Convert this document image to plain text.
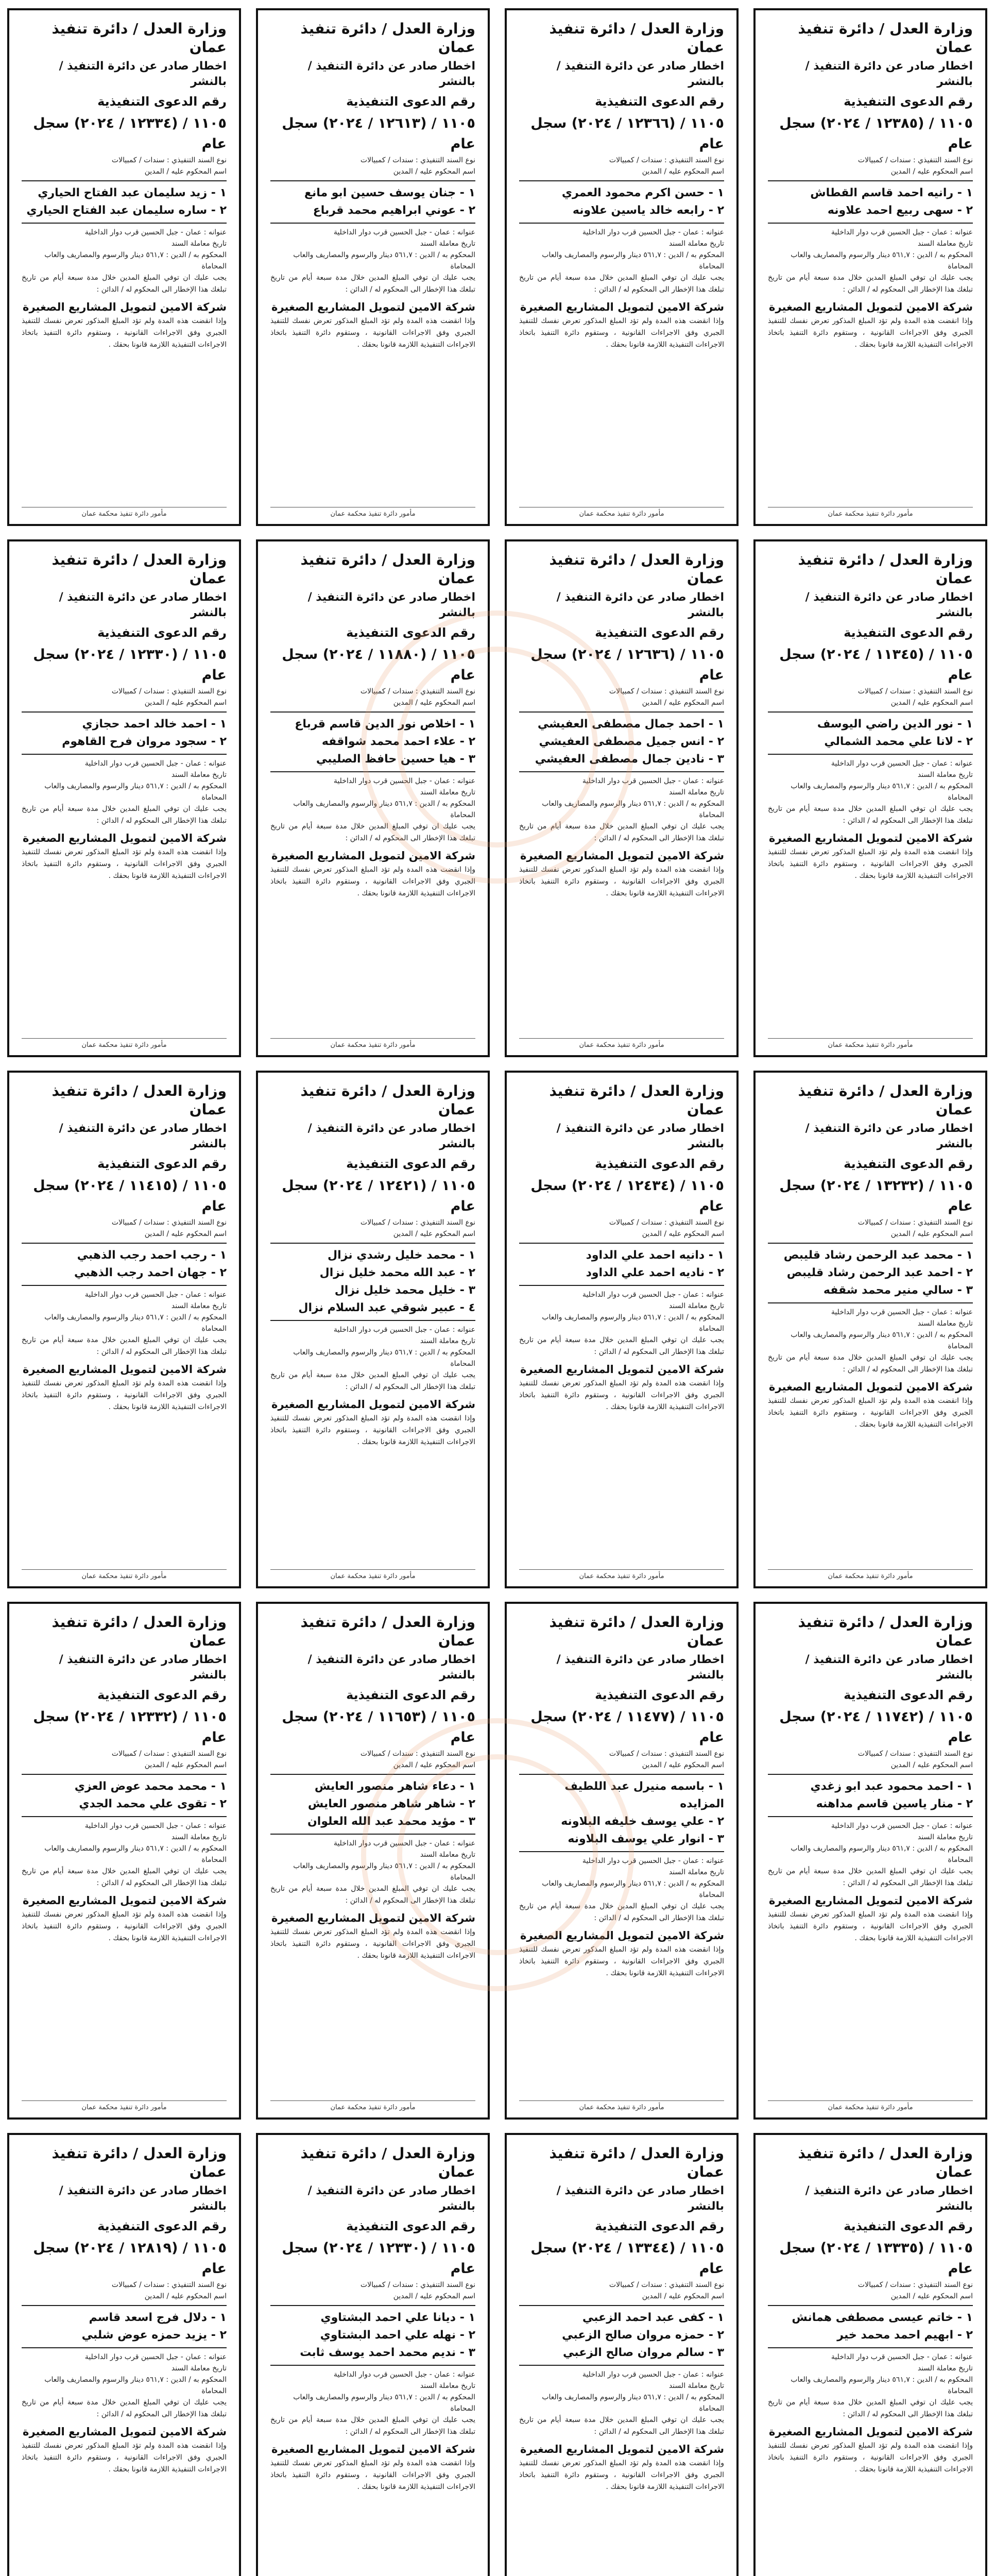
وزارة العدل / دائرة تنفيذ عمان
اخطار صادر عن دائرة التنفيذ / بالنشر
رقم الدعوى التنفيذية
١١٠٥ / (١٢٣٨٥ / ٢٠٢٤) سجل عام
نوع السند التنفيذي : سندات / كمبيالات
اسم المحكوم عليه / المدين
١ - رانيه احمد قاسم القطاش
٢ - سهى ربيع احمد علاونه
عنوانه : عمان - جبل الحسين قرب دوار الداخلية
تاريخ معاملة السند
المحكوم به / الدين : ٥٦١,٧ دينار والرسوم والمصاريف والعاب المحاماة
يجب عليك ان توفي المبلغ المدين خلال مدة سبعة أيام من تاريخ تبلغك هذا الإخطار الى المحكوم له / الدائن :
شركة الامين لتمويل المشاريع الصغيرة
وإذا انقضت هذه المدة ولم تؤد المبلغ المذكور تعرض نفسك للتنفيذ الجبري وفق الاجراءات القانونية ، وستقوم دائرة التنفيذ باتخاذ الاجراءات التنفيذية اللازمة قانونا بحقك .
مأمور دائرة تنفيذ محكمة عمان
وزارة العدل / دائرة تنفيذ عمان
اخطار صادر عن دائرة التنفيذ / بالنشر
رقم الدعوى التنفيذية
١١٠٥ / (١٢٣٦٦ / ٢٠٢٤) سجل عام
نوع السند التنفيذي : سندات / كمبيالات
اسم المحكوم عليه / المدين
١ - حسن اكرم محمود العمري
٢ - رابعه خالد ياسين علاونه
عنوانه : عمان - جبل الحسين قرب دوار الداخلية
تاريخ معاملة السند
المحكوم به / الدين : ٥٦١,٧ دينار والرسوم والمصاريف والعاب المحاماة
يجب عليك ان توفي المبلغ المدين خلال مدة سبعة أيام من تاريخ تبلغك هذا الإخطار الى المحكوم له / الدائن :
شركة الامين لتمويل المشاريع الصغيرة
وإذا انقضت هذه المدة ولم تؤد المبلغ المذكور تعرض نفسك للتنفيذ الجبري وفق الاجراءات القانونية ، وستقوم دائرة التنفيذ باتخاذ الاجراءات التنفيذية اللازمة قانونا بحقك .
مأمور دائرة تنفيذ محكمة عمان
وزارة العدل / دائرة تنفيذ عمان
اخطار صادر عن دائرة التنفيذ / بالنشر
رقم الدعوى التنفيذية
١١٠٥ / (١٢٦١٣ / ٢٠٢٤) سجل عام
نوع السند التنفيذي : سندات / كمبيالات
اسم المحكوم عليه / المدين
١ - جنان يوسف حسين ابو مانع
٢ - عوني ابراهيم محمد قرباع
عنوانه : عمان - جبل الحسين قرب دوار الداخلية
تاريخ معاملة السند
المحكوم به / الدين : ٥٦١,٧ دينار والرسوم والمصاريف والعاب المحاماة
يجب عليك ان توفي المبلغ المدين خلال مدة سبعة أيام من تاريخ تبلغك هذا الإخطار الى المحكوم له / الدائن :
شركة الامين لتمويل المشاريع الصغيرة
وإذا انقضت هذه المدة ولم تؤد المبلغ المذكور تعرض نفسك للتنفيذ الجبري وفق الاجراءات القانونية ، وستقوم دائرة التنفيذ باتخاذ الاجراءات التنفيذية اللازمة قانونا بحقك .
مأمور دائرة تنفيذ محكمة عمان
وزارة العدل / دائرة تنفيذ عمان
اخطار صادر عن دائرة التنفيذ / بالنشر
رقم الدعوى التنفيذية
١١٠٥ / (١٢٣٣٤ / ٢٠٢٤) سجل عام
نوع السند التنفيذي : سندات / كمبيالات
اسم المحكوم عليه / المدين
١ - زيد سليمان عبد الفتاح الحياري
٢ - ساره سليمان عبد الفتاح الحياري
عنوانه : عمان - جبل الحسين قرب دوار الداخلية
تاريخ معاملة السند
المحكوم به / الدين : ٥٦١,٧ دينار والرسوم والمصاريف والعاب المحاماة
يجب عليك ان توفي المبلغ المدين خلال مدة سبعة أيام من تاريخ تبلغك هذا الإخطار الى المحكوم له / الدائن :
شركة الامين لتمويل المشاريع الصغيرة
وإذا انقضت هذه المدة ولم تؤد المبلغ المذكور تعرض نفسك للتنفيذ الجبري وفق الاجراءات القانونية ، وستقوم دائرة التنفيذ باتخاذ الاجراءات التنفيذية اللازمة قانونا بحقك .
مأمور دائرة تنفيذ محكمة عمان
وزارة العدل / دائرة تنفيذ عمان
اخطار صادر عن دائرة التنفيذ / بالنشر
رقم الدعوى التنفيذية
١١٠٥ / (١١٣٤٥ / ٢٠٢٤) سجل عام
نوع السند التنفيذي : سندات / كمبيالات
اسم المحكوم عليه / المدين
١ - نور الدين راضي اليوسف
٢ - لانا علي محمد الشمالي
عنوانه : عمان - جبل الحسين قرب دوار الداخلية
تاريخ معاملة السند
المحكوم به / الدين : ٥٦١,٧ دينار والرسوم والمصاريف والعاب المحاماة
يجب عليك ان توفي المبلغ المدين خلال مدة سبعة أيام من تاريخ تبلغك هذا الإخطار الى المحكوم له / الدائن :
شركة الامين لتمويل المشاريع الصغيرة
وإذا انقضت هذه المدة ولم تؤد المبلغ المذكور تعرض نفسك للتنفيذ الجبري وفق الاجراءات القانونية ، وستقوم دائرة التنفيذ باتخاذ الاجراءات التنفيذية اللازمة قانونا بحقك .
مأمور دائرة تنفيذ محكمة عمان
وزارة العدل / دائرة تنفيذ عمان
اخطار صادر عن دائرة التنفيذ / بالنشر
رقم الدعوى التنفيذية
١١٠٥ / (١٢٦٣٦ / ٢٠٢٤) سجل عام
نوع السند التنفيذي : سندات / كمبيالات
اسم المحكوم عليه / المدين
١ - احمد جمال مصطفى العفيشي
٢ - انس جميل مصطفى العفيشي
٣ - نادين جمال مصطفى العفيشي
عنوانه : عمان - جبل الحسين قرب دوار الداخلية
تاريخ معاملة السند
المحكوم به / الدين : ٥٦١,٧ دينار والرسوم والمصاريف والعاب المحاماة
يجب عليك ان توفي المبلغ المدين خلال مدة سبعة أيام من تاريخ تبلغك هذا الإخطار الى المحكوم له / الدائن :
شركة الامين لتمويل المشاريع الصغيرة
وإذا انقضت هذه المدة ولم تؤد المبلغ المذكور تعرض نفسك للتنفيذ الجبري وفق الاجراءات القانونية ، وستقوم دائرة التنفيذ باتخاذ الاجراءات التنفيذية اللازمة قانونا بحقك .
مأمور دائرة تنفيذ محكمة عمان
وزارة العدل / دائرة تنفيذ عمان
اخطار صادر عن دائرة التنفيذ / بالنشر
رقم الدعوى التنفيذية
١١٠٥ / (١١٨٨٠ / ٢٠٢٤) سجل عام
نوع السند التنفيذي : سندات / كمبيالات
اسم المحكوم عليه / المدين
١ - اخلاص نور الدين قاسم قرباع
٢ - علاء احمد محمد شواقفه
٣ - هيا حسين حافظ الصليبي
عنوانه : عمان - جبل الحسين قرب دوار الداخلية
تاريخ معاملة السند
المحكوم به / الدين : ٥٦١,٧ دينار والرسوم والمصاريف والعاب المحاماة
يجب عليك ان توفي المبلغ المدين خلال مدة سبعة أيام من تاريخ تبلغك هذا الإخطار الى المحكوم له / الدائن :
شركة الامين لتمويل المشاريع الصغيرة
وإذا انقضت هذه المدة ولم تؤد المبلغ المذكور تعرض نفسك للتنفيذ الجبري وفق الاجراءات القانونية ، وستقوم دائرة التنفيذ باتخاذ الاجراءات التنفيذية اللازمة قانونا بحقك .
مأمور دائرة تنفيذ محكمة عمان
وزارة العدل / دائرة تنفيذ عمان
اخطار صادر عن دائرة التنفيذ / بالنشر
رقم الدعوى التنفيذية
١١٠٥ / (١٢٣٣٠ / ٢٠٢٤) سجل عام
نوع السند التنفيذي : سندات / كمبيالات
اسم المحكوم عليه / المدين
١ - احمد خالد احمد حجازي
٢ - سجود مروان فرح القاهوم
عنوانه : عمان - جبل الحسين قرب دوار الداخلية
تاريخ معاملة السند
المحكوم به / الدين : ٥٦١,٧ دينار والرسوم والمصاريف والعاب المحاماة
يجب عليك ان توفي المبلغ المدين خلال مدة سبعة أيام من تاريخ تبلغك هذا الإخطار الى المحكوم له / الدائن :
شركة الامين لتمويل المشاريع الصغيرة
وإذا انقضت هذه المدة ولم تؤد المبلغ المذكور تعرض نفسك للتنفيذ الجبري وفق الاجراءات القانونية ، وستقوم دائرة التنفيذ باتخاذ الاجراءات التنفيذية اللازمة قانونا بحقك .
مأمور دائرة تنفيذ محكمة عمان
وزارة العدل / دائرة تنفيذ عمان
اخطار صادر عن دائرة التنفيذ / بالنشر
رقم الدعوى التنفيذية
١١٠٥ / (١٣٢٣٢ / ٢٠٢٤) سجل عام
نوع السند التنفيذي : سندات / كمبيالات
اسم المحكوم عليه / المدين
١ - محمد عبد الرحمن رشاد قليبص
٢ - احمد عبد الرحمن رشاد قليبص
٣ - سالي منير محمد شقفه
عنوانه : عمان - جبل الحسين قرب دوار الداخلية
تاريخ معاملة السند
المحكوم به / الدين : ٥٦١,٧ دينار والرسوم والمصاريف والعاب المحاماة
يجب عليك ان توفي المبلغ المدين خلال مدة سبعة أيام من تاريخ تبلغك هذا الإخطار الى المحكوم له / الدائن :
شركة الامين لتمويل المشاريع الصغيرة
وإذا انقضت هذه المدة ولم تؤد المبلغ المذكور تعرض نفسك للتنفيذ الجبري وفق الاجراءات القانونية ، وستقوم دائرة التنفيذ باتخاذ الاجراءات التنفيذية اللازمة قانونا بحقك .
مأمور دائرة تنفيذ محكمة عمان
وزارة العدل / دائرة تنفيذ عمان
اخطار صادر عن دائرة التنفيذ / بالنشر
رقم الدعوى التنفيذية
١١٠٥ / (١٢٤٣٤ / ٢٠٢٤) سجل عام
نوع السند التنفيذي : سندات / كمبيالات
اسم المحكوم عليه / المدين
١ - دانيه احمد علي الداود
٢ - ناديه احمد علي الداود
عنوانه : عمان - جبل الحسين قرب دوار الداخلية
تاريخ معاملة السند
المحكوم به / الدين : ٥٦١,٧ دينار والرسوم والمصاريف والعاب المحاماة
يجب عليك ان توفي المبلغ المدين خلال مدة سبعة أيام من تاريخ تبلغك هذا الإخطار الى المحكوم له / الدائن :
شركة الامين لتمويل المشاريع الصغيرة
وإذا انقضت هذه المدة ولم تؤد المبلغ المذكور تعرض نفسك للتنفيذ الجبري وفق الاجراءات القانونية ، وستقوم دائرة التنفيذ باتخاذ الاجراءات التنفيذية اللازمة قانونا بحقك .
مأمور دائرة تنفيذ محكمة عمان
وزارة العدل / دائرة تنفيذ عمان
اخطار صادر عن دائرة التنفيذ / بالنشر
رقم الدعوى التنفيذية
١١٠٥ / (١٢٤٢١ / ٢٠٢٤) سجل عام
نوع السند التنفيذي : سندات / كمبيالات
اسم المحكوم عليه / المدين
١ - محمد خليل رشدي نزال
٢ - عبد الله محمد خليل نزال
٣ - خليل محمد خليل نزال
٤ - عبير شوقي عبد السلام نزال
عنوانه : عمان - جبل الحسين قرب دوار الداخلية
تاريخ معاملة السند
المحكوم به / الدين : ٥٦١,٧ دينار والرسوم والمصاريف والعاب المحاماة
يجب عليك ان توفي المبلغ المدين خلال مدة سبعة أيام من تاريخ تبلغك هذا الإخطار الى المحكوم له / الدائن :
شركة الامين لتمويل المشاريع الصغيرة
وإذا انقضت هذه المدة ولم تؤد المبلغ المذكور تعرض نفسك للتنفيذ الجبري وفق الاجراءات القانونية ، وستقوم دائرة التنفيذ باتخاذ الاجراءات التنفيذية اللازمة قانونا بحقك .
مأمور دائرة تنفيذ محكمة عمان
وزارة العدل / دائرة تنفيذ عمان
اخطار صادر عن دائرة التنفيذ / بالنشر
رقم الدعوى التنفيذية
١١٠٥ / (١١٤١٥ / ٢٠٢٤) سجل عام
نوع السند التنفيذي : سندات / كمبيالات
اسم المحكوم عليه / المدين
١ - رجب احمد رجب الذهبي
٢ - جهان احمد رجب الذهبي
عنوانه : عمان - جبل الحسين قرب دوار الداخلية
تاريخ معاملة السند
المحكوم به / الدين : ٥٦١,٧ دينار والرسوم والمصاريف والعاب المحاماة
يجب عليك ان توفي المبلغ المدين خلال مدة سبعة أيام من تاريخ تبلغك هذا الإخطار الى المحكوم له / الدائن :
شركة الامين لتمويل المشاريع الصغيرة
وإذا انقضت هذه المدة ولم تؤد المبلغ المذكور تعرض نفسك للتنفيذ الجبري وفق الاجراءات القانونية ، وستقوم دائرة التنفيذ باتخاذ الاجراءات التنفيذية اللازمة قانونا بحقك .
مأمور دائرة تنفيذ محكمة عمان
وزارة العدل / دائرة تنفيذ عمان
اخطار صادر عن دائرة التنفيذ / بالنشر
رقم الدعوى التنفيذية
١١٠٥ / (١١٧٤٢ / ٢٠٢٤) سجل عام
نوع السند التنفيذي : سندات / كمبيالات
اسم المحكوم عليه / المدين
١ - احمد محمود عبد ابو زغدي
٢ - منار ياسين قاسم مداهنه
عنوانه : عمان - جبل الحسين قرب دوار الداخلية
تاريخ معاملة السند
المحكوم به / الدين : ٥٦١,٧ دينار والرسوم والمصاريف والعاب المحاماة
يجب عليك ان توفي المبلغ المدين خلال مدة سبعة أيام من تاريخ تبلغك هذا الإخطار الى المحكوم له / الدائن :
شركة الامين لتمويل المشاريع الصغيرة
وإذا انقضت هذه المدة ولم تؤد المبلغ المذكور تعرض نفسك للتنفيذ الجبري وفق الاجراءات القانونية ، وستقوم دائرة التنفيذ باتخاذ الاجراءات التنفيذية اللازمة قانونا بحقك .
مأمور دائرة تنفيذ محكمة عمان
وزارة العدل / دائرة تنفيذ عمان
اخطار صادر عن دائرة التنفيذ / بالنشر
رقم الدعوى التنفيذية
١١٠٥ / (١١٤٧٧ / ٢٠٢٤) سجل عام
نوع السند التنفيذي : سندات / كمبيالات
اسم المحكوم عليه / المدين
١ - باسمه منيرل عبد اللطيف المزايده
٢ - علي يوسف خليفه البلاونه
٣ - انوار علي يوسف البلاونه
عنوانه : عمان - جبل الحسين قرب دوار الداخلية
تاريخ معاملة السند
المحكوم به / الدين : ٥٦١,٧ دينار والرسوم والمصاريف والعاب المحاماة
يجب عليك ان توفي المبلغ المدين خلال مدة سبعة أيام من تاريخ تبلغك هذا الإخطار الى المحكوم له / الدائن :
شركة الامين لتمويل المشاريع الصغيرة
وإذا انقضت هذه المدة ولم تؤد المبلغ المذكور تعرض نفسك للتنفيذ الجبري وفق الاجراءات القانونية ، وستقوم دائرة التنفيذ باتخاذ الاجراءات التنفيذية اللازمة قانونا بحقك .
مأمور دائرة تنفيذ محكمة عمان
وزارة العدل / دائرة تنفيذ عمان
اخطار صادر عن دائرة التنفيذ / بالنشر
رقم الدعوى التنفيذية
١١٠٥ / (١١٦٥٣ / ٢٠٢٤) سجل عام
نوع السند التنفيذي : سندات / كمبيالات
اسم المحكوم عليه / المدين
١ - دعاء شاهر منصور العايش
٢ - شاهر شاهر منصور العايش
٣ - مؤيد محمد عبد الله العلوان
عنوانه : عمان - جبل الحسين قرب دوار الداخلية
تاريخ معاملة السند
المحكوم به / الدين : ٥٦١,٧ دينار والرسوم والمصاريف والعاب المحاماة
يجب عليك ان توفي المبلغ المدين خلال مدة سبعة أيام من تاريخ تبلغك هذا الإخطار الى المحكوم له / الدائن :
شركة الامين لتمويل المشاريع الصغيرة
وإذا انقضت هذه المدة ولم تؤد المبلغ المذكور تعرض نفسك للتنفيذ الجبري وفق الاجراءات القانونية ، وستقوم دائرة التنفيذ باتخاذ الاجراءات التنفيذية اللازمة قانونا بحقك .
مأمور دائرة تنفيذ محكمة عمان
وزارة العدل / دائرة تنفيذ عمان
اخطار صادر عن دائرة التنفيذ / بالنشر
رقم الدعوى التنفيذية
١١٠٥ / (١٢٣٣٢ / ٢٠٢٤) سجل عام
نوع السند التنفيذي : سندات / كمبيالات
اسم المحكوم عليه / المدين
١ - محمد محمد عوض العزي
٢ - تقوى علي محمد الجدي
عنوانه : عمان - جبل الحسين قرب دوار الداخلية
تاريخ معاملة السند
المحكوم به / الدين : ٥٦١,٧ دينار والرسوم والمصاريف والعاب المحاماة
يجب عليك ان توفي المبلغ المدين خلال مدة سبعة أيام من تاريخ تبلغك هذا الإخطار الى المحكوم له / الدائن :
شركة الامين لتمويل المشاريع الصغيرة
وإذا انقضت هذه المدة ولم تؤد المبلغ المذكور تعرض نفسك للتنفيذ الجبري وفق الاجراءات القانونية ، وستقوم دائرة التنفيذ باتخاذ الاجراءات التنفيذية اللازمة قانونا بحقك .
مأمور دائرة تنفيذ محكمة عمان
وزارة العدل / دائرة تنفيذ عمان
اخطار صادر عن دائرة التنفيذ / بالنشر
رقم الدعوى التنفيذية
١١٠٥ / (١٣٣٣٥ / ٢٠٢٤) سجل عام
نوع السند التنفيذي : سندات / كمبيالات
اسم المحكوم عليه / المدين
١ - خاتم عيسى مصطفى همانش
٢ - ابهيم احمد محمد خير
عنوانه : عمان - جبل الحسين قرب دوار الداخلية
تاريخ معاملة السند
المحكوم به / الدين : ٥٦١,٧ دينار والرسوم والمصاريف والعاب المحاماة
يجب عليك ان توفي المبلغ المدين خلال مدة سبعة أيام من تاريخ تبلغك هذا الإخطار الى المحكوم له / الدائن :
شركة الامين لتمويل المشاريع الصغيرة
وإذا انقضت هذه المدة ولم تؤد المبلغ المذكور تعرض نفسك للتنفيذ الجبري وفق الاجراءات القانونية ، وستقوم دائرة التنفيذ باتخاذ الاجراءات التنفيذية اللازمة قانونا بحقك .
وزارة العدل / دائرة تنفيذ عمان
اخطار صادر عن دائرة التنفيذ / بالنشر
رقم الدعوى التنفيذية
١١٠٥ / (١٣٣٤٤ / ٢٠٢٤) سجل عام
نوع السند التنفيذي : سندات / كمبيالات
اسم المحكوم عليه / المدين
١ - كفى عبد احمد الزعبي
٢ - حمزه مروان صالح الزعبي
٣ - سالم مروان صالح الزعبي
عنوانه : عمان - جبل الحسين قرب دوار الداخلية
تاريخ معاملة السند
المحكوم به / الدين : ٥٦١,٧ دينار والرسوم والمصاريف والعاب المحاماة
يجب عليك ان توفي المبلغ المدين خلال مدة سبعة أيام من تاريخ تبلغك هذا الإخطار الى المحكوم له / الدائن :
شركة الامين لتمويل المشاريع الصغيرة
وإذا انقضت هذه المدة ولم تؤد المبلغ المذكور تعرض نفسك للتنفيذ الجبري وفق الاجراءات القانونية ، وستقوم دائرة التنفيذ باتخاذ الاجراءات التنفيذية اللازمة قانونا بحقك .
وزارة العدل / دائرة تنفيذ عمان
اخطار صادر عن دائرة التنفيذ / بالنشر
رقم الدعوى التنفيذية
١١٠٥ / (١٢٣٣٠ / ٢٠٢٤) سجل عام
نوع السند التنفيذي : سندات / كمبيالات
اسم المحكوم عليه / المدين
١ - ديانا علي احمد البشتاوي
٢ - نهله علي احمد البشتاوي
٣ - نديم محمد احمد يوسف ثابت
عنوانه : عمان - جبل الحسين قرب دوار الداخلية
تاريخ معاملة السند
المحكوم به / الدين : ٥٦١,٧ دينار والرسوم والمصاريف والعاب المحاماة
يجب عليك ان توفي المبلغ المدين خلال مدة سبعة أيام من تاريخ تبلغك هذا الإخطار الى المحكوم له / الدائن :
شركة الامين لتمويل المشاريع الصغيرة
وإذا انقضت هذه المدة ولم تؤد المبلغ المذكور تعرض نفسك للتنفيذ الجبري وفق الاجراءات القانونية ، وستقوم دائرة التنفيذ باتخاذ الاجراءات التنفيذية اللازمة قانونا بحقك .
وزارة العدل / دائرة تنفيذ عمان
اخطار صادر عن دائرة التنفيذ / بالنشر
رقم الدعوى التنفيذية
١١٠٥ / (١٢٨١٩ / ٢٠٢٤) سجل عام
نوع السند التنفيذي : سندات / كمبيالات
اسم المحكوم عليه / المدين
١ - دلال فرج اسعد قاسم
٢ - يزيد حمزه عوض شلبي
عنوانه : عمان - جبل الحسين قرب دوار الداخلية
تاريخ معاملة السند
المحكوم به / الدين : ٥٦١,٧ دينار والرسوم والمصاريف والعاب المحاماة
يجب عليك ان توفي المبلغ المدين خلال مدة سبعة أيام من تاريخ تبلغك هذا الإخطار الى المحكوم له / الدائن :
شركة الامين لتمويل المشاريع الصغيرة
وإذا انقضت هذه المدة ولم تؤد المبلغ المذكور تعرض نفسك للتنفيذ الجبري وفق الاجراءات القانونية ، وستقوم دائرة التنفيذ باتخاذ الاجراءات التنفيذية اللازمة قانونا بحقك .
